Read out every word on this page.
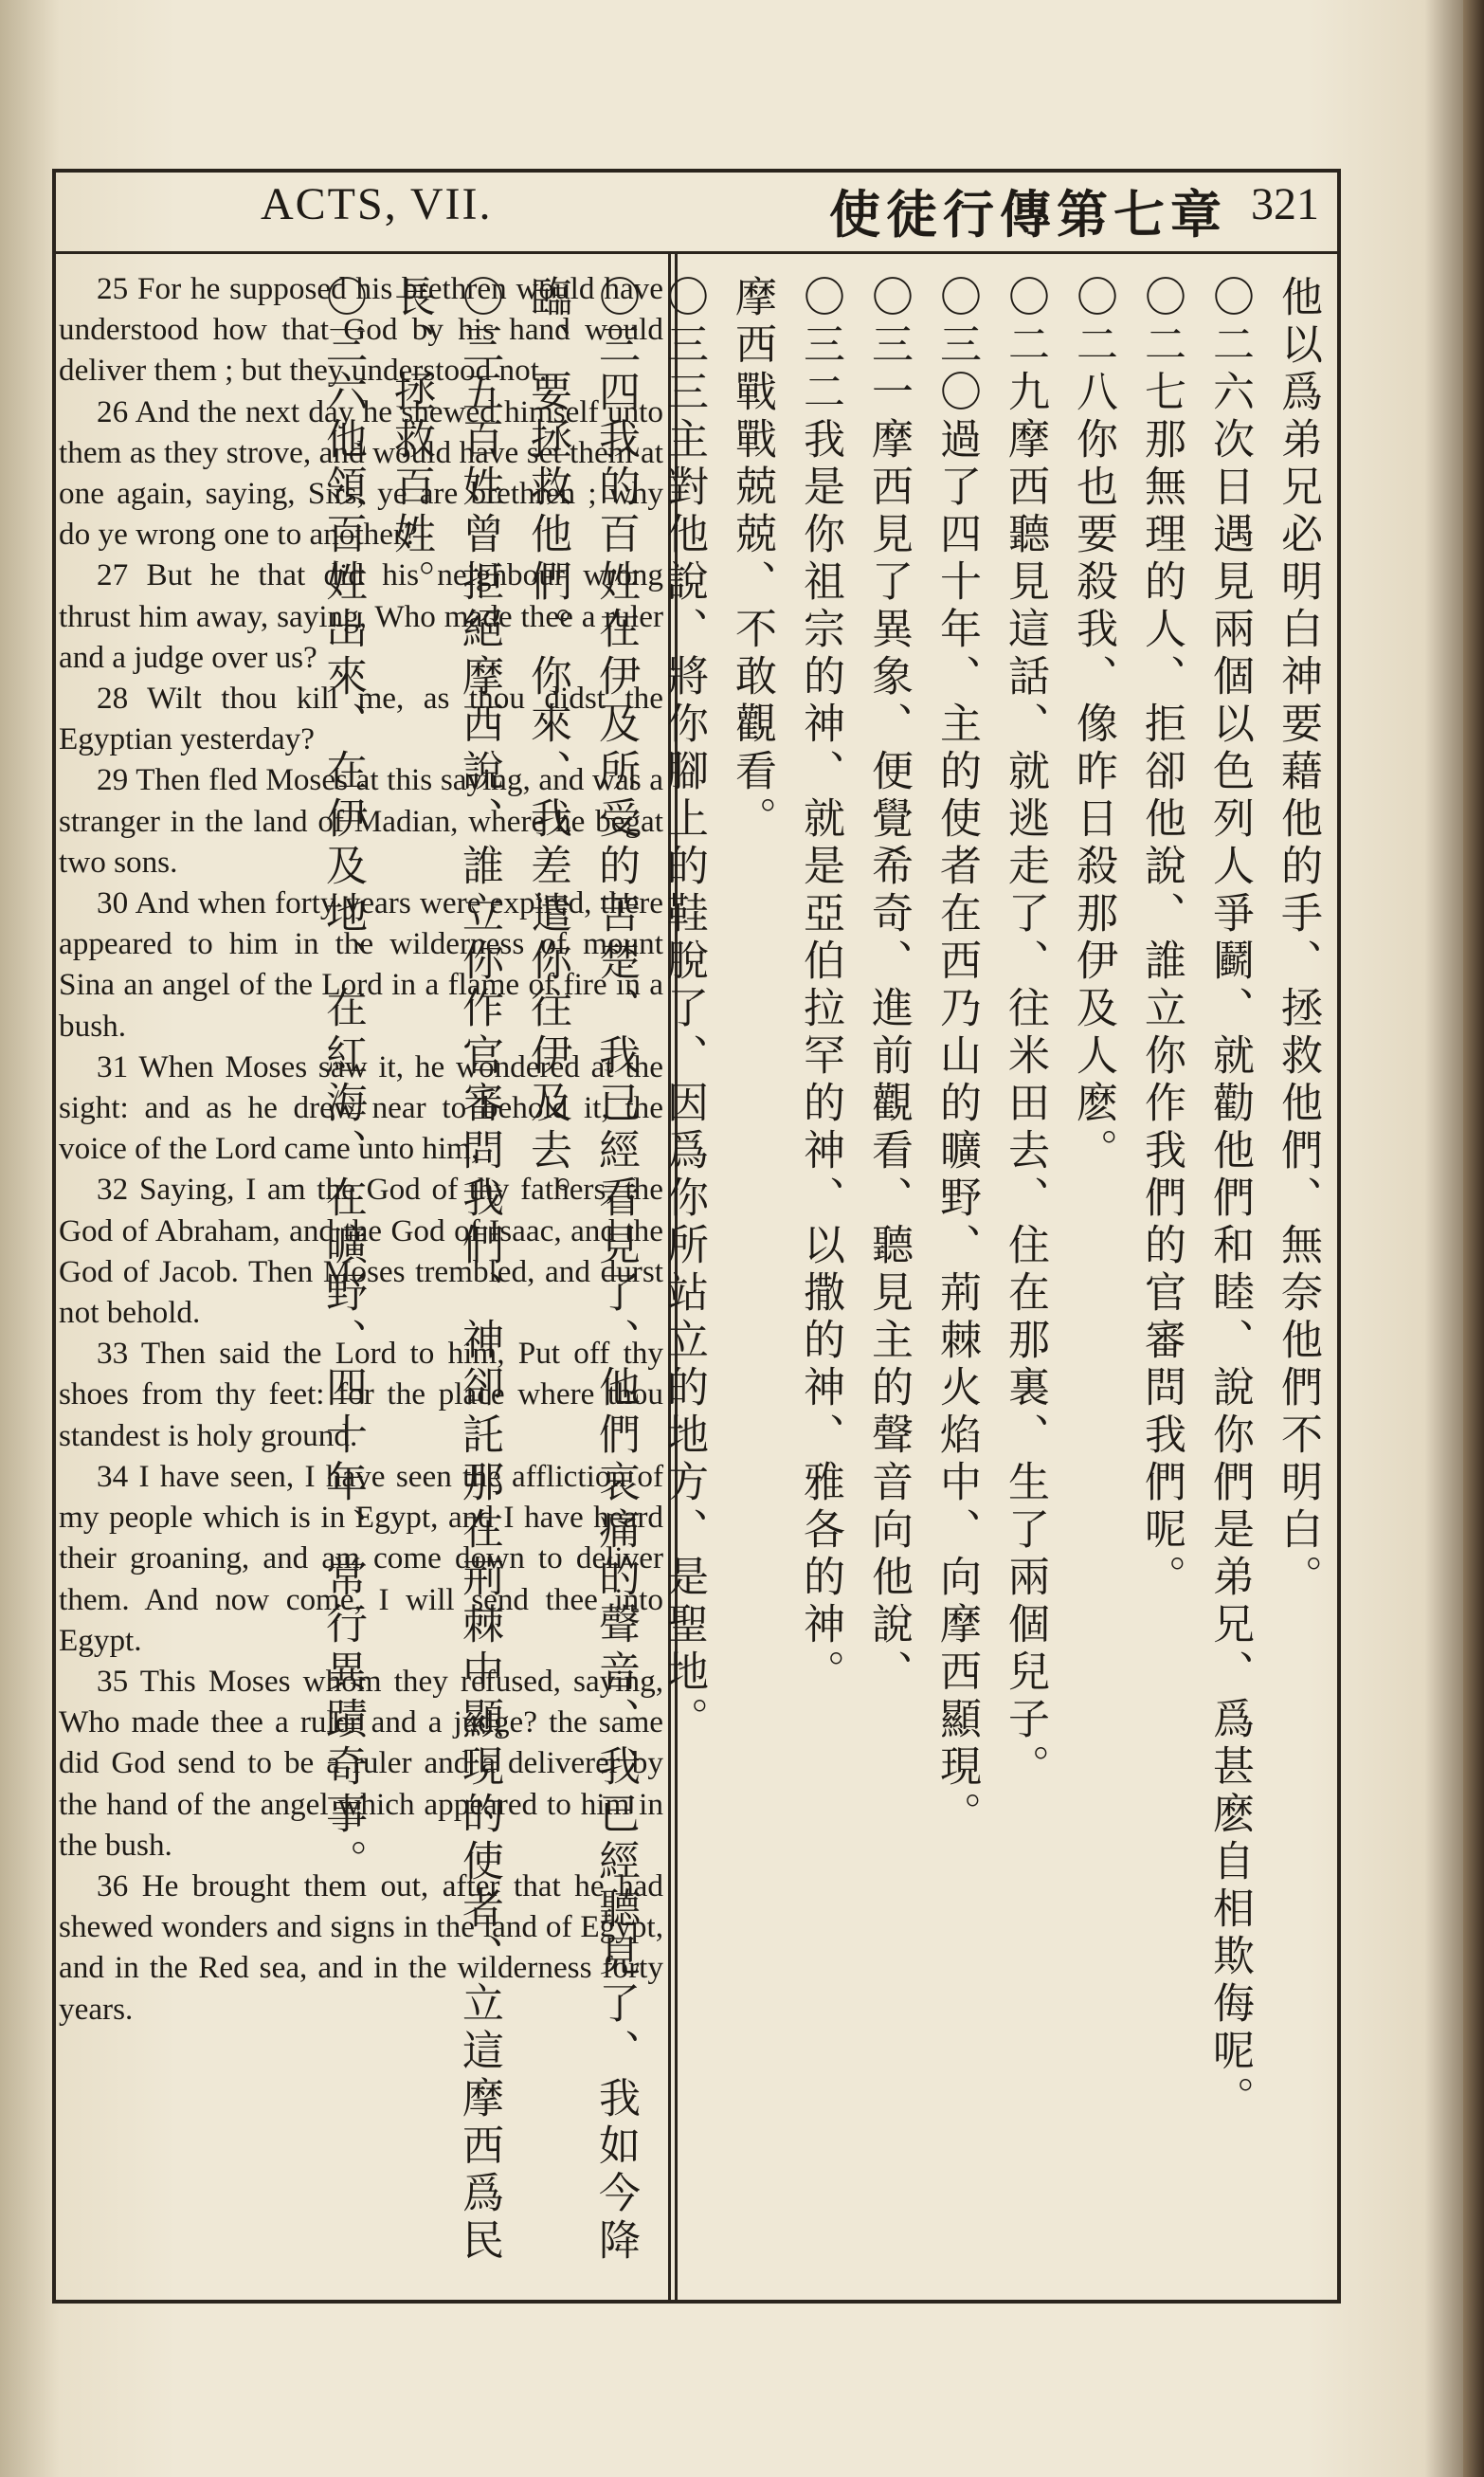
ACTS, VII.	使徒行傳第七章 321

25 For he supposed his brethren would have understood how that God by his hand would deliver them ; but they understood not.

26 And the next day he shewed himself unto them as they strove, and would have set them at one again, saying, Sirs, ye are brethren ; why do ye wrong one to another?

27 But he that did his neighbour wrong thrust him away, saying, Who made thee a ruler and a judge over us?

28 Wilt thou kill me, as thou didst the Egyptian yesterday?

29 Then fled Moses at this saying, and was a stranger in the land of Madian, where he begat two sons.

30 And when forty years were expired, there appeared to him in the wilderness of mount Sina an angel of the Lord in a flame of fire in a bush.

31 When Moses saw it, he wondered at the sight: and as he drew near to behold it, the voice of the Lord came unto him,

32 Saying, I am the God of thy fathers, the God of Abraham, and the God of Isaac, and the God of Jacob. Then Moses trembled, and durst not behold.

33 Then said the Lord to him, Put off thy shoes from thy feet: for the place where thou standest is holy ground.

34 I have seen, I have seen the affliction of my people which is in Egypt, and I have heard their groaning, and am come down to deliver them. And now come, I will send thee into Egypt.

35 This Moses whom they refused, saying, Who made thee a ruler and a judge? the same did God send to be a ruler and a deliverer by the hand of the angel which appeared to him in the bush.

36 He brought them out, after that he had shewed wonders and signs in the land of Egypt, and in the Red sea, and in the wilderness forty years.

他以爲弟兄必明白神要藉他的手、拯救他們、無奈他們不明白。

〇二六次日遇見兩個以色列人爭鬬、就勸他們和睦、說你們是弟兄、爲甚麽自相欺侮呢。

〇二七那無理的人、拒卻他說、誰立你作我們的官審問我們呢。

〇二八你也要殺我、像昨日殺那伊及人麽。

〇二九摩西聽見這話、就逃走了、往米田去、住在那裏、生了兩個兒子。

〇三〇過了四十年、主的使者在西乃山的曠野、荊棘火焰中、向摩西顯現。

〇三一摩西見了異象、便覺希奇、進前觀看、聽見主的聲音向他說、

〇三二我是你祖宗的神、就是亞伯拉罕的神、以撒的神、雅各的神。

摩西戰戰兢兢、不敢觀看。

〇三三主對他說、將你腳上的鞋脫了、因爲你所站立的地方、是聖地。

〇三四我的百姓在伊及所受的苦楚、我已經看見了、他們哀痛的聲音、我已經聽見了、我如今降臨、要拯救他們。你來、我差遣你往伊及去。

〇三五百姓曾拒絕摩西說、誰立你作官審問我們、神卻託那在荊棘中顯現的使者、立這摩西爲民長、拯救百姓。

〇三六他領百姓出來、在伊及地、在紅海、在曠野、四十年、常行異蹟奇事。
